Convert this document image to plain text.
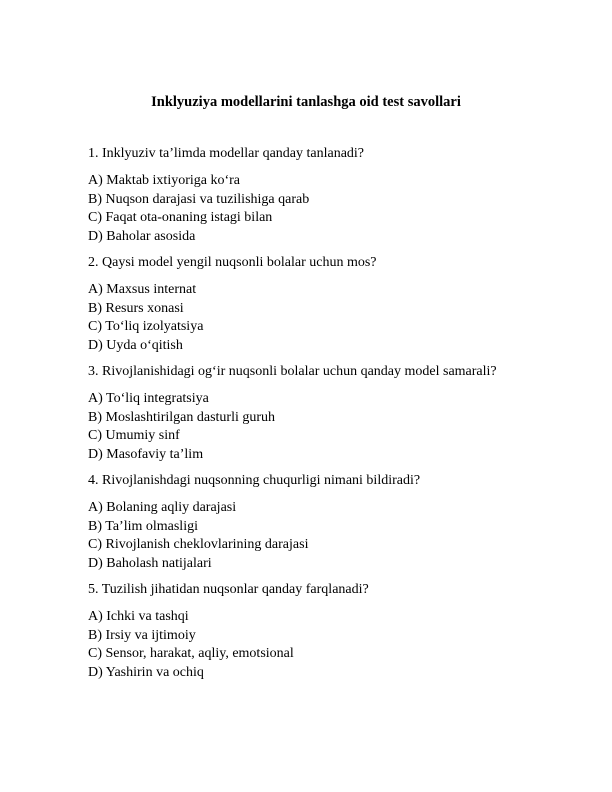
Inklyuziya modellarini tanlashga oid test savollari

1. Inklyuziv ta’limda modellar qanday tanlanadi?

A) Maktab ixtiyoriga ko‘ra
B) Nuqson darajasi va tuzilishiga qarab
C) Faqat ota-onaning istagi bilan
D) Baholar asosida

2. Qaysi model yengil nuqsonli bolalar uchun mos?

A) Maxsus internat
B) Resurs xonasi
C) To‘liq izolyatsiya
D) Uyda o‘qitish

3. Rivojlanishidagi og‘ir nuqsonli bolalar uchun qanday model samarali?

A) To‘liq integratsiya
B) Moslashtirilgan dasturli guruh
C) Umumiy sinf
D) Masofaviy ta’lim

4. Rivojlanishdagi nuqsonning chuqurligi nimani bildiradi?

A) Bolaning aqliy darajasi
B) Ta’lim olmasligi
C) Rivojlanish cheklovlarining darajasi
D) Baholash natijalari

5. Tuzilish jihatidan nuqsonlar qanday farqlanadi?

A) Ichki va tashqi
B) Irsiy va ijtimoiy
C) Sensor, harakat, aqliy, emotsional
D) Yashirin va ochiq
